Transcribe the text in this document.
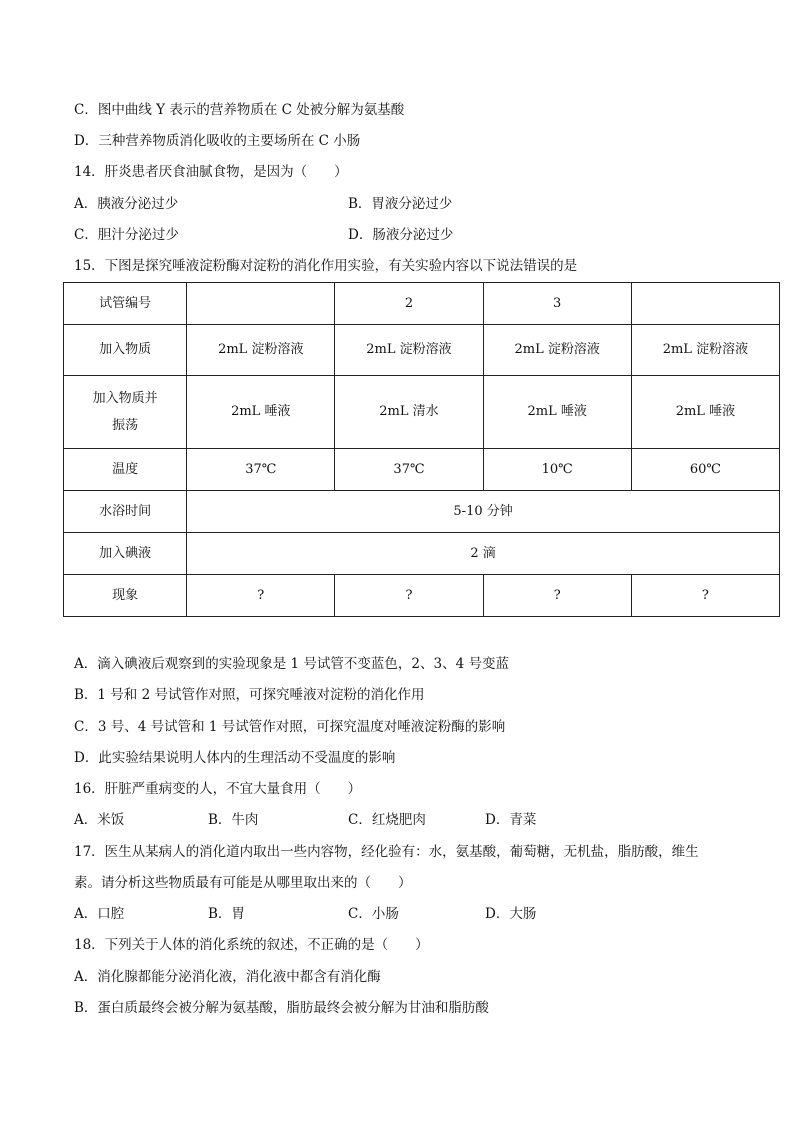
C．图中曲线 Y 表示的营养物质在 C 处被分解为氨基酸
D．三种营养物质消化吸收的主要场所在 C 小肠
14．肝炎患者厌食油腻食物，是因为（　　）
A．胰液分泌过少	B．胃液分泌过少
C．胆汁分泌过少	D．肠液分泌过少
15．下图是探究唾液淀粉酶对淀粉的消化作用实验，有关实验内容以下说法错误的是
试管编号		2	3	
加入物质	2mL 淀粉溶液	2mL 淀粉溶液	2mL 淀粉溶液	2mL 淀粉溶液
加入物质并
振荡	2mL 唾液	2mL 清水	2mL 唾液	2mL 唾液
温度	37℃	37℃	10℃	60℃
水浴时间	5-10 分钟			
加入碘液	2 滴			
现象	?	?	?	?
A．滴入碘液后观察到的实验现象是 1 号试管不变蓝色，2、3、4 号变蓝
B．1 号和 2 号试管作对照，可探究唾液对淀粉的消化作用
C．3 号、4 号试管和 1 号试管作对照，可探究温度对唾液淀粉酶的影响
D．此实验结果说明人体内的生理活动不受温度的影响
16．肝脏严重病变的人，不宜大量食用（　　）
A．米饭	B．牛肉	C．红烧肥肉	D．青菜
17．医生从某病人的消化道内取出一些内容物，经化验有：水，氨基酸，葡萄糖，无机盐，脂肪酸，维生
素。请分析这些物质最有可能是从哪里取出来的（　　）
A．口腔	B．胃	C．小肠	D．大肠
18．下列关于人体的消化系统的叙述，不正确的是（　　）
A．消化腺都能分泌消化液，消化液中都含有消化酶
B．蛋白质最终会被分解为氨基酸，脂肪最终会被分解为甘油和脂肪酸
